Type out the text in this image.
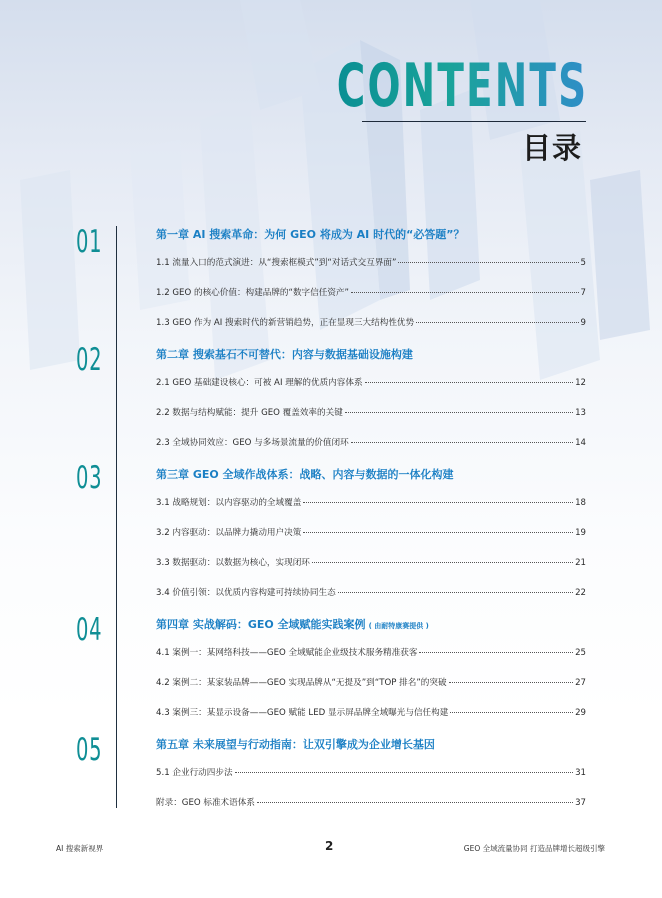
CONTENTS
目录
01	第一章 AI 搜索革命：为何 GEO 将成为 AI 时代的“必答题”？
1.1 流量入口的范式演进：从“搜索框模式”到“对话式交互界面”	5
1.2 GEO 的核心价值：构建品牌的“数字信任资产”	7
1.3 GEO 作为 AI 搜索时代的新营销趋势，正在显现三大结构性优势	9
02	第二章 搜索基石不可替代：内容与数据基础设施构建
2.1 GEO 基础建设核心：可被 AI 理解的优质内容体系	12
2.2 数据与结构赋能：提升 GEO 覆盖效率的关键	13
2.3 全域协同效应：GEO 与多场景流量的价值闭环	14
03	第三章 GEO 全域作战体系：战略、内容与数据的一体化构建
3.1 战略规划：以内容驱动的全域覆盖	18
3.2 内容驱动：以品牌力撬动用户决策	19
3.3 数据驱动：以数据为核心，实现闭环	21
3.4 价值引领：以优质内容构建可持续协同生态	22
04	第四章 实战解码：GEO 全域赋能实践案例 ( 由耐特康赛提供 )
4.1 案例一：某网络科技——GEO 全域赋能企业级技术服务精准获客	25
4.2 案例二：某家装品牌——GEO 实现品牌从“无提及”到“TOP 排名”的突破	27
4.3 案例三：某显示设备——GEO 赋能 LED 显示屏品牌全域曝光与信任构建	29
05	第五章 未来展望与行动指南：让双引擎成为企业增长基因
5.1 企业行动四步法	31
附录：GEO 标准术语体系	37
AI 搜索新视界	2	GEO 全域流量协同 打造品牌增长超级引擎
